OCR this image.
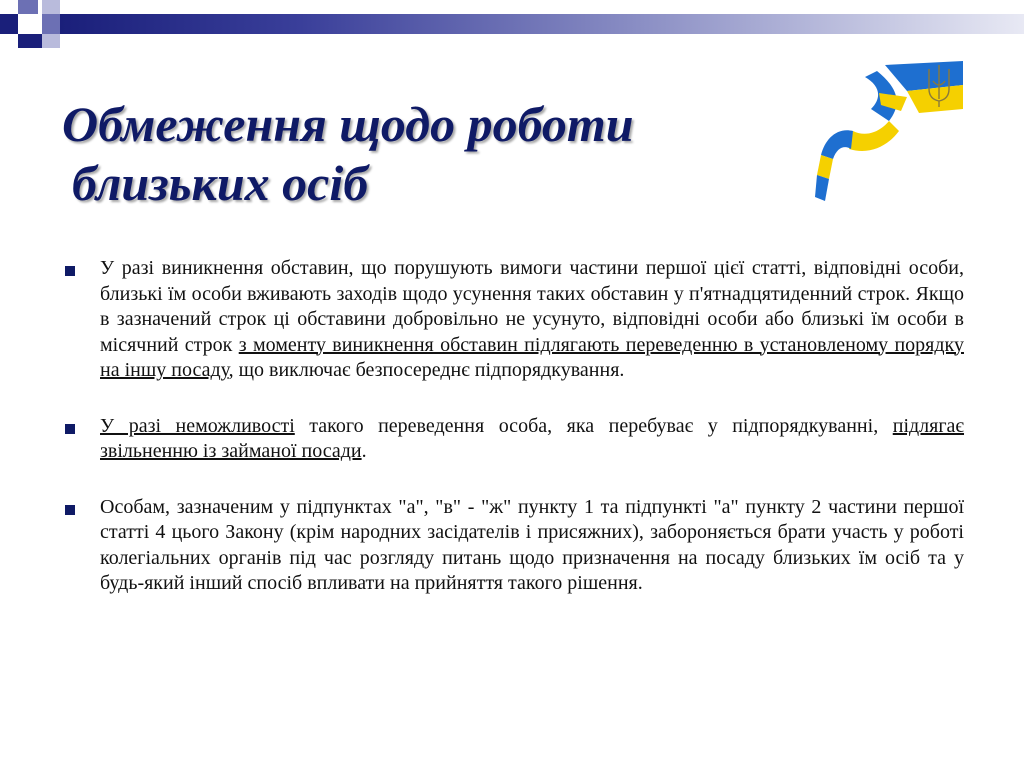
Обмеження щодо роботи
близьких осіб
У разі виникнення обставин, що порушують вимоги частини першої цієї статті, відповідні особи, близькі їм особи вживають заходів щодо усунення таких обставин у п'ятнадцятиденний строк. Якщо в зазначений строк ці обставини добровільно не усунуто, відповідні особи або близькі їм особи в місячний строк з моменту виникнення обставин підлягають переведенню в установленому порядку на іншу посаду, що виключає безпосереднє підпорядкування.
У разі неможливості такого переведення особа, яка перебуває у підпорядкуванні, підлягає звільненню із займаної посади.
Особам, зазначеним у підпунктах "а", "в" - "ж" пункту 1 та підпункті "а" пункту 2 частини першої статті 4 цього Закону (крім народних засідателів і присяжних), забороняється брати участь у роботі колегіальних органів під час розгляду питань щодо призначення на посаду близьких їм осіб та у будь-який інший спосіб впливати на прийняття такого рішення.
